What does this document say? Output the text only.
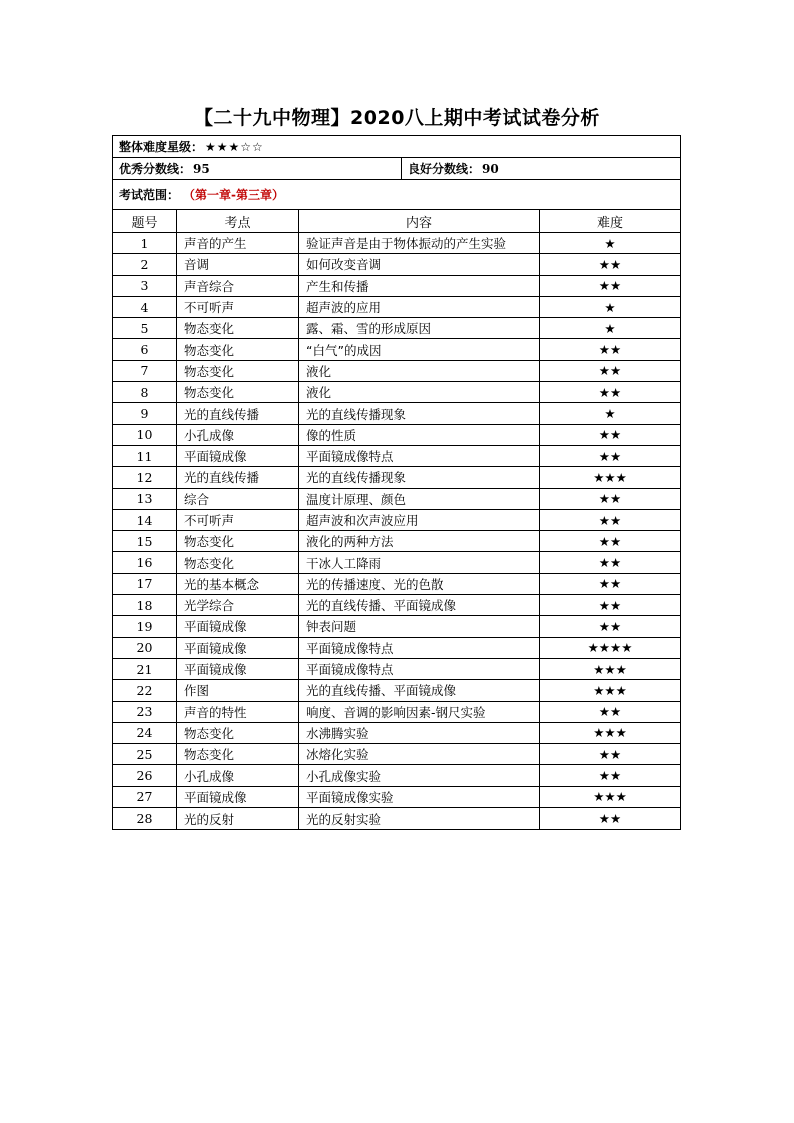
【二十九中物理】2020八上期中考试试卷分析
整体难度星级： ★★★☆☆
优秀分数线： 95	良好分数线： 90
考试范围： （第一章-第三章）
题号	考点	内容	难度
1	声音的产生	验证声音是由于物体振动的产生实验	★
2	音调	如何改变音调	★★
3	声音综合	产生和传播	★★
4	不可听声	超声波的应用	★
5	物态变化	露、霜、雪的形成原因	★
6	物态变化	“白气”的成因	★★
7	物态变化	液化	★★
8	物态变化	液化	★★
9	光的直线传播	光的直线传播现象	★
10	小孔成像	像的性质	★★
11	平面镜成像	平面镜成像特点	★★
12	光的直线传播	光的直线传播现象	★★★
13	综合	温度计原理、颜色	★★
14	不可听声	超声波和次声波应用	★★
15	物态变化	液化的两种方法	★★
16	物态变化	干冰人工降雨	★★
17	光的基本概念	光的传播速度、光的色散	★★
18	光学综合	光的直线传播、平面镜成像	★★
19	平面镜成像	钟表问题	★★
20	平面镜成像	平面镜成像特点	★★★★
21	平面镜成像	平面镜成像特点	★★★
22	作图	光的直线传播、平面镜成像	★★★
23	声音的特性	响度、音调的影响因素-钢尺实验	★★
24	物态变化	水沸腾实验	★★★
25	物态变化	冰熔化实验	★★
26	小孔成像	小孔成像实验	★★
27	平面镜成像	平面镜成像实验	★★★
28	光的反射	光的反射实验	★★
